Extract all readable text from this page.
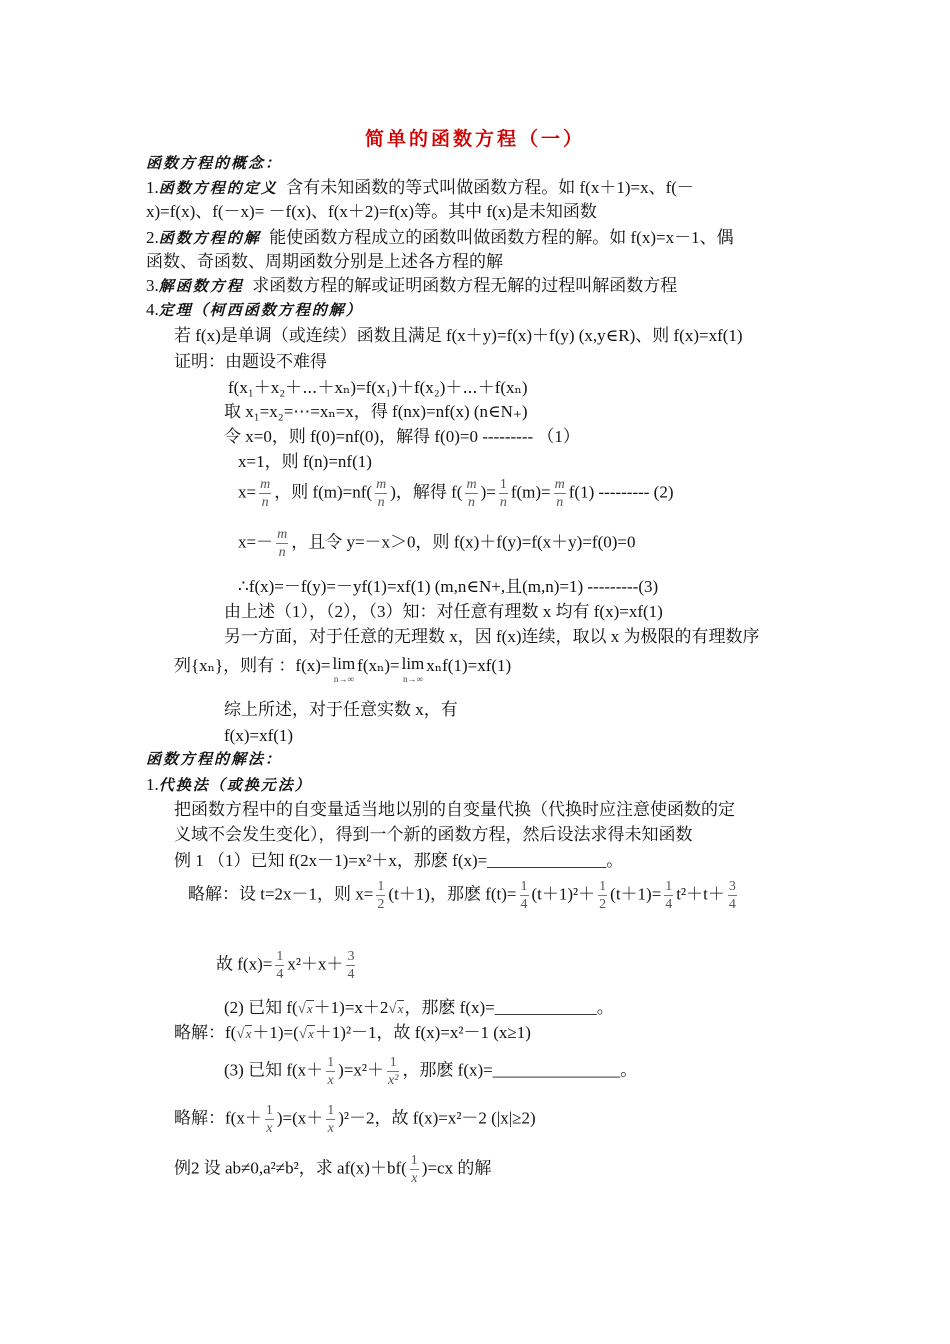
简单的函数方程（一）
函数方程的概念：
1.函数方程的定义 含有未知函数的等式叫做函数方程。如 f(x＋1)=x、f(－
x)=f(x)、f(－x)= －f(x)、f(x＋2)=f(x)等。其中 f(x)是未知函数
2.函数方程的解 能使函数方程成立的函数叫做函数方程的解。如 f(x)=x－1、偶
函数、奇函数、周期函数分别是上述各方程的解
3.解函数方程 求函数方程的解或证明函数方程无解的过程叫解函数方程
4.定理（柯西函数方程的解）
若 f(x)是单调（或连续）函数且满足 f(x＋y)=f(x)＋f(y) (x,y∈R)、则 f(x)=xf(1)
证明：由题设不难得
f(x₁＋x₂＋⋯＋xₙ)=f(x₁)＋f(x₂)＋⋯＋f(xₙ)
取 x₁=x₂=⋯=xₙ=x，得 f(nx)=nf(x) (n∈N₊)
令 x=0，则 f(0)=nf(0)，解得 f(0)=0 --------- （1）
x=1，则 f(n)=nf(1)
$x= \frac{m}{n}$ ，则 $f(m)=nf( \frac{m}{n}$ )，解得 $f( \frac{m}{n}$ )= $\frac{1}{n} f(m)= \frac{m}{n} f(1)$ --------- (2)
$x=- \frac{m}{n}$ ，且令 y=－x＞0，则 f(x)＋f(y)=f(x＋y)=f(0)=0
∴f(x)=－f(y)=－yf(1)=xf(1) (m,n∈N+,且(m,n)=1) ---------(3)
由上述（1），（2），（3）知：对任意有理数 x 均有 f(x)=xf(1)
另一方面，对于任意的无理数 x，因 f(x)连续，取以 x 为极限的有理数序
列{xₙ}，则有 ：f(x)= lim
n→∞
f(xₙ)= lim
n→∞
xₙf(1)=xf(1)
综上所述，对于任意实数 x，有
f(x)=xf(1)
函数方程的解法：
1.代换法（或换元法）
把函数方程中的自变量适当地以别的自变量代换（代换时应注意使函数的定
义域不会发生变化），得到一个新的函数方程，然后设法求得未知函数
例 1 （1）已知 f(2x－1)=x²＋x，那麽 f(x)=______________。
略解：设 t=2x－1，则 $x= \frac{1}{2} (t+1)$，那麽 $f(t)= \frac{1}{4} (t+1)^2+ \frac{1}{2} (t+1)= \frac{1}{4} t^2+t+ \frac{3}{4}$
故 $f(x)= \frac{1}{4} x^2+x+ \frac{3}{4}$
(2) 已知 f(√x＋1)=x＋2√x，那麽 f(x)=____________。
略解：f(√x＋1)=(√x＋1)²－1，故 f(x)=x²－1 (x≥1)
(3) 已知 $f(x+ \frac{1}{x} )=x^2+ \frac{1}{\text{x²}}$ ，那麽 f(x)=_______________。
略解：$f(x+ \frac{1}{x} )=(x+ \frac{1}{x} )^2-2$，故 f(x)=x²－2 (|x|≥2)
例2 设 ab≠0,a²≠b²，求 $af(x)+bf( \frac{1}{x} )=cx$ 的解
